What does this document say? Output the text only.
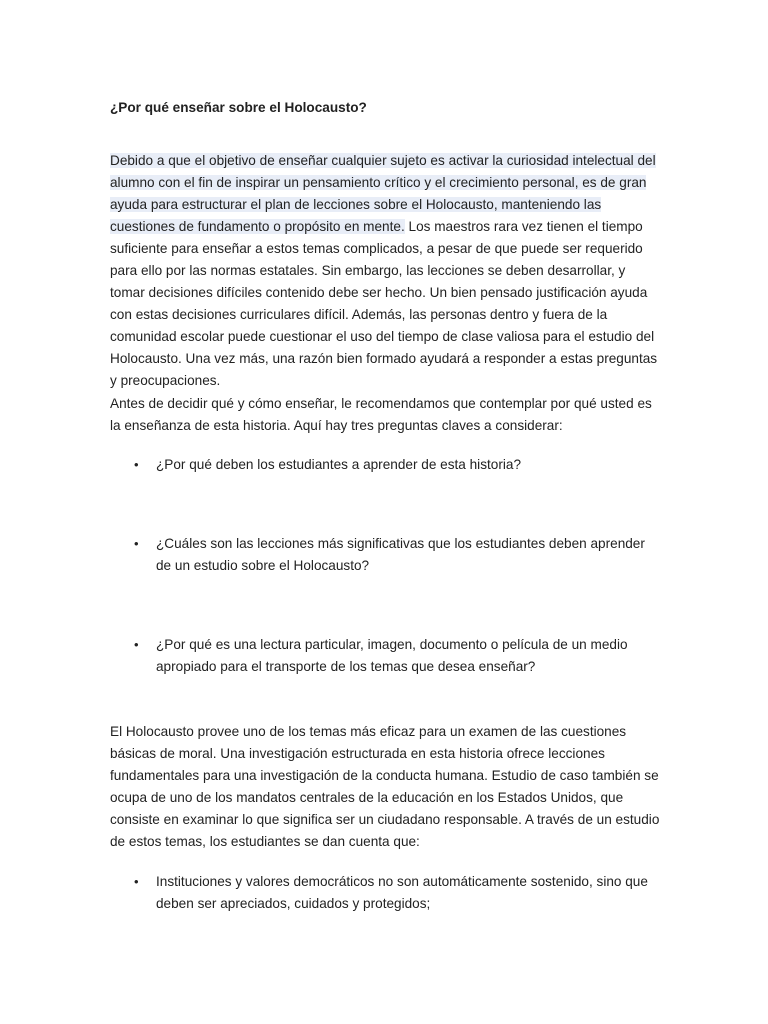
¿Por qué enseñar sobre el Holocausto?

Debido a que el objetivo de enseñar cualquier sujeto es activar la curiosidad intelectual del alumno con el fin de inspirar un pensamiento crítico y el crecimiento personal, es de gran ayuda para estructurar el plan de lecciones sobre el Holocausto, manteniendo las cuestiones de fundamento o propósito en mente. Los maestros rara vez tienen el tiempo suficiente para enseñar a estos temas complicados, a pesar de que puede ser requerido para ello por las normas estatales. Sin embargo, las lecciones se deben desarrollar, y tomar decisiones difíciles contenido debe ser hecho. Un bien pensado justificación ayuda con estas decisiones curriculares difícil. Además, las personas dentro y fuera de la comunidad escolar puede cuestionar el uso del tiempo de clase valiosa para el estudio del Holocausto. Una vez más, una razón bien formado ayudará a responder a estas preguntas y preocupaciones.

Antes de decidir qué y cómo enseñar, le recomendamos que contemplar por qué usted es la enseñanza de esta historia. Aquí hay tres preguntas claves a considerar:

• ¿Por qué deben los estudiantes a aprender de esta historia?
• ¿Cuáles son las lecciones más significativas que los estudiantes deben aprender de un estudio sobre el Holocausto?
• ¿Por qué es una lectura particular, imagen, documento o película de un medio apropiado para el transporte de los temas que desea enseñar?

El Holocausto provee uno de los temas más eficaz para un examen de las cuestiones básicas de moral. Una investigación estructurada en esta historia ofrece lecciones fundamentales para una investigación de la conducta humana. Estudio de caso también se ocupa de uno de los mandatos centrales de la educación en los Estados Unidos, que consiste en examinar lo que significa ser un ciudadano responsable. A través de un estudio de estos temas, los estudiantes se dan cuenta que:

• Instituciones y valores democráticos no son automáticamente sostenido, sino que deben ser apreciados, cuidados y protegidos;
